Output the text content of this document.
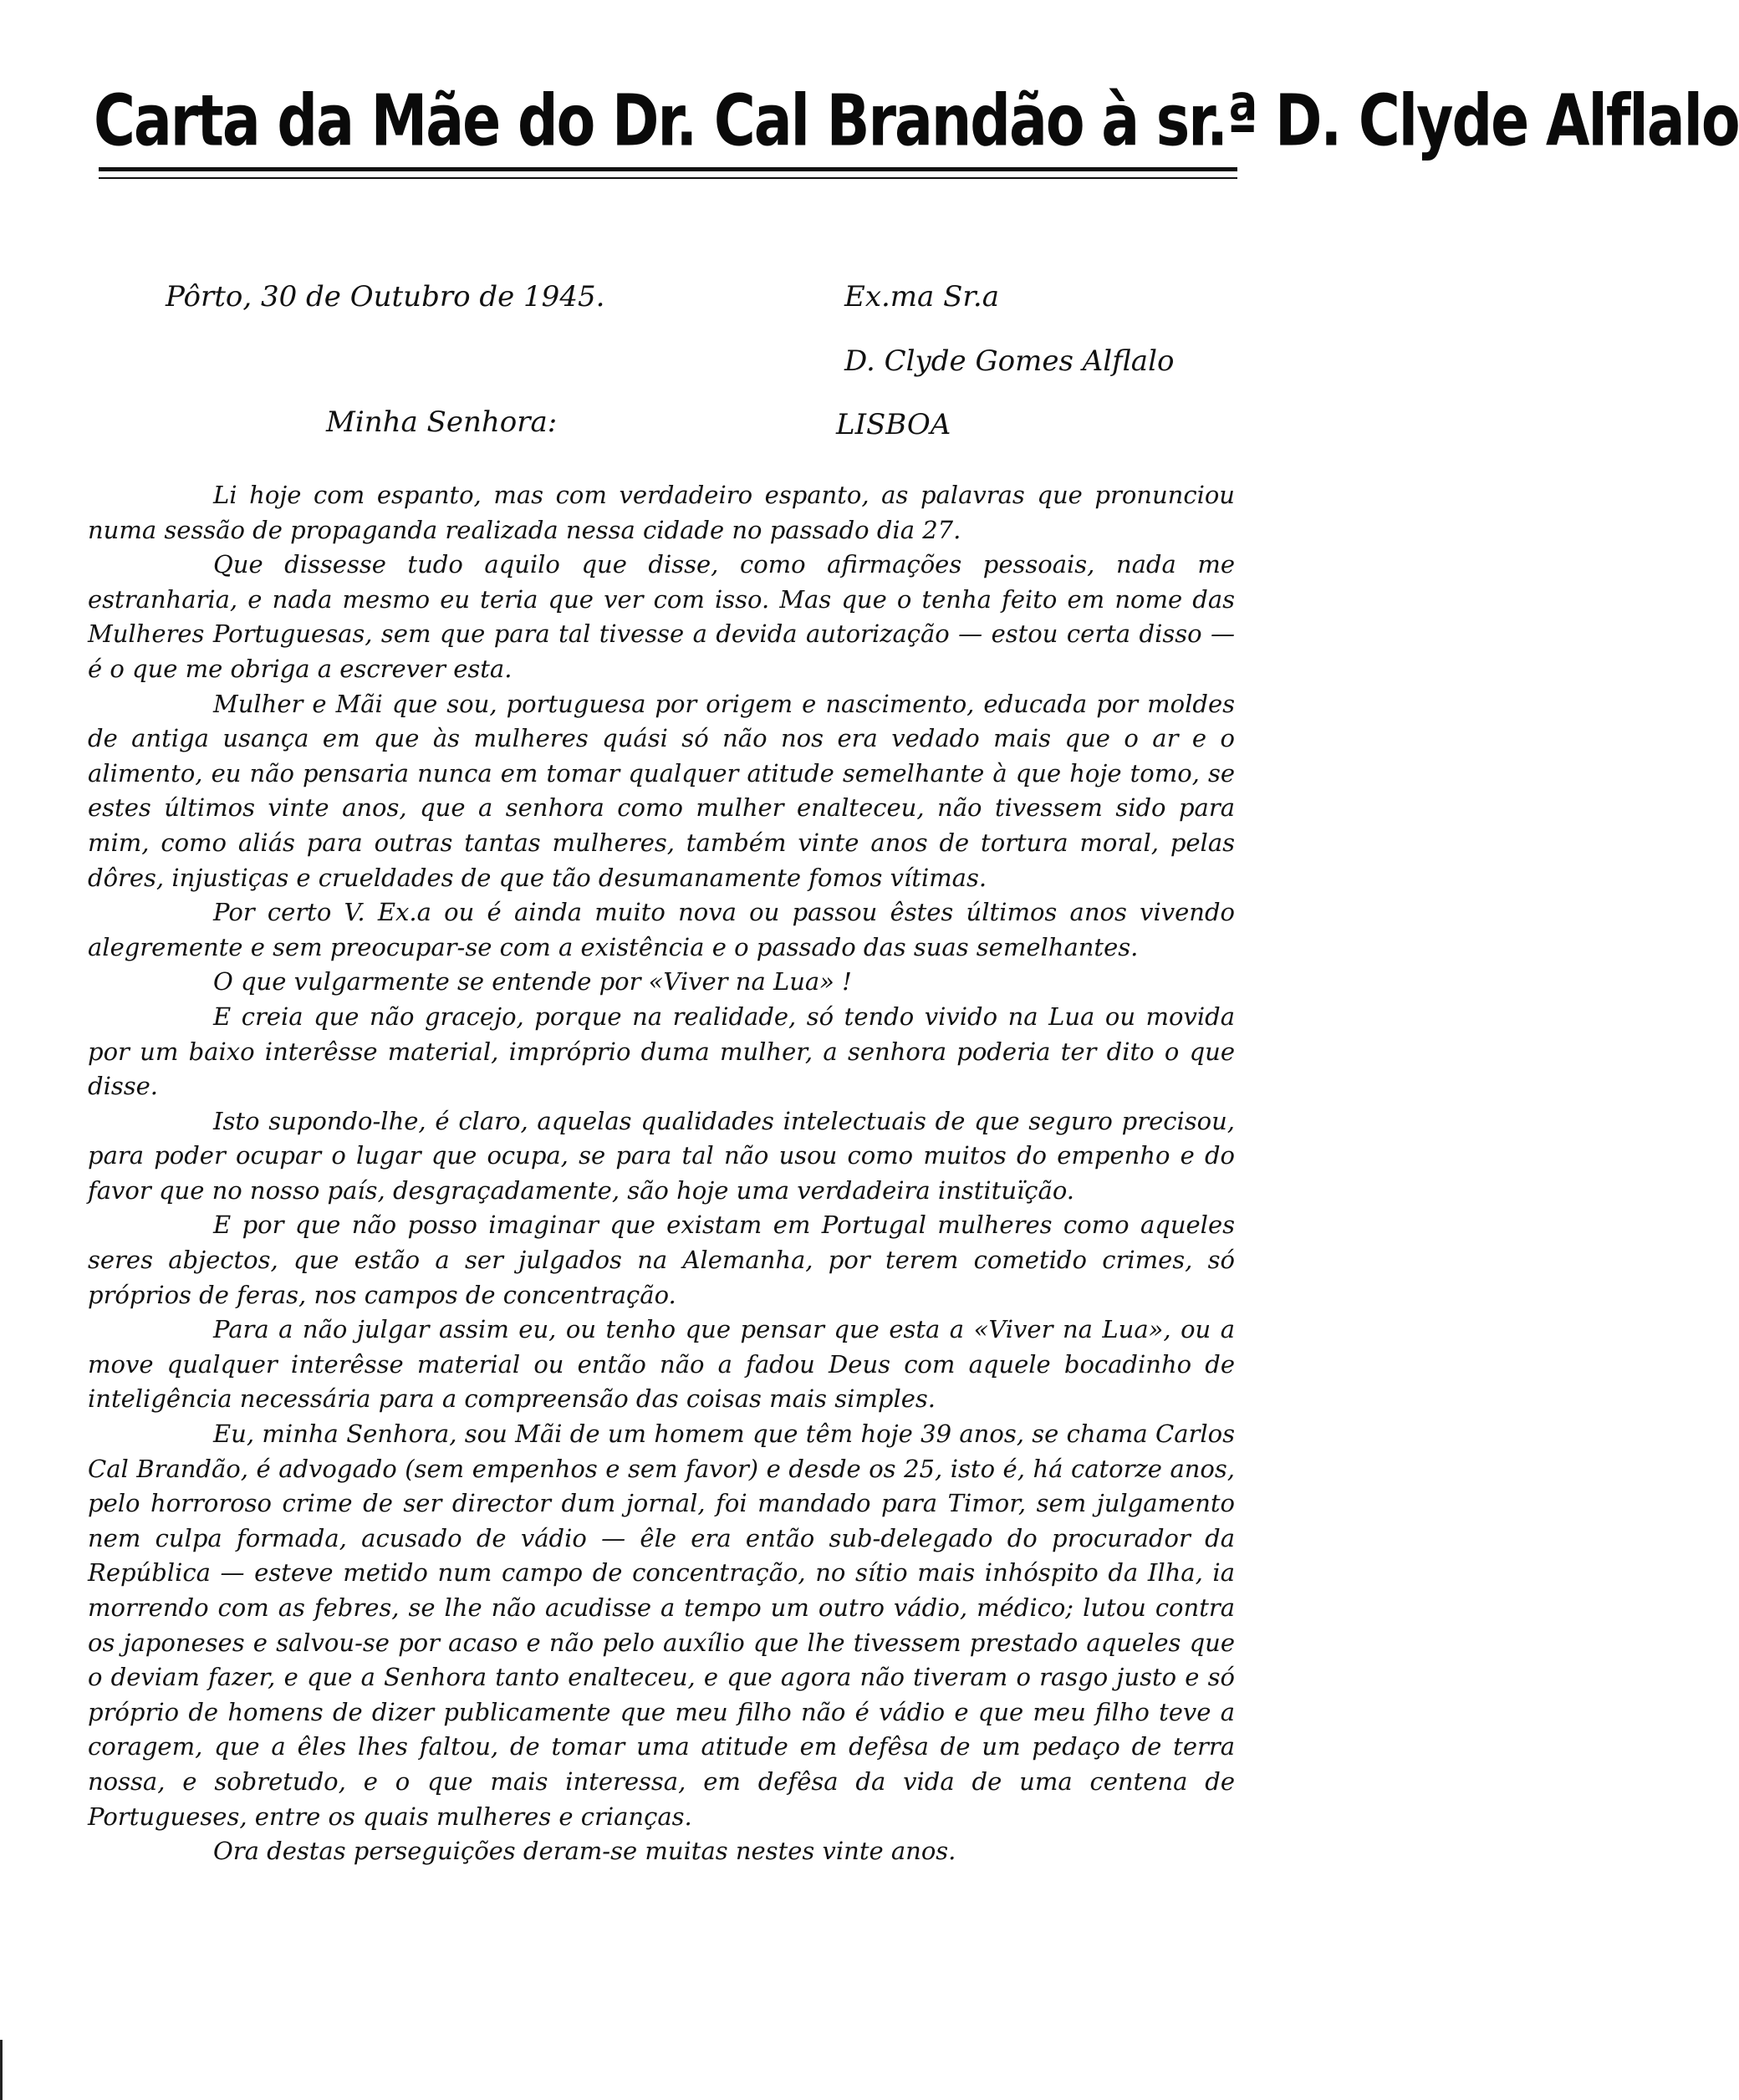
Carta da Mãe do Dr. Cal Brandão à sr.ª D. Clyde Alflalo
Pôrto, 30 de Outubro de 1945.	Ex.ma Sr.a
D. Clyde Gomes Alflalo
LISBOA
Minha Senhora:

Li hoje com espanto, mas com verdadeiro espanto, as palavras que pronunciou numa sessão de propaganda realizada nessa cidade no passado dia 27.

Que dissesse tudo aquilo que disse, como afirmações pessoais, nada me estranharia, e nada mesmo eu teria que ver com isso. Mas que o tenha feito em nome das Mulheres Portuguesas, sem que para tal tivesse a devida autorização — estou certa disso — é o que me obriga a escrever esta.

Mulher e Mãi que sou, portuguesa por origem e nascimento, educada por moldes de antiga usança em que às mulheres quási só não nos era vedado mais que o ar e o alimento, eu não pensaria nunca em tomar qualquer atitude semelhante à que hoje tomo, se estes últimos vinte anos, que a senhora como mulher enalteceu, não tivessem sido para mim, como aliás para outras tantas mulheres, também vinte anos de tortura moral, pelas dôres, injustiças e crueldades de que tão desumanamente fomos vítimas.

Por certo V. Ex.a ou é ainda muito nova ou passou êstes últimos anos vivendo alegremente e sem preocupar-se com a existência e o passado das suas semelhantes.

O que vulgarmente se entende por «Viver na Lua» !

E creia que não gracejo, porque na realidade, só tendo vivido na Lua ou movida por um baixo interêsse material, impróprio duma mulher, a senhora poderia ter dito o que disse.

Isto supondo-lhe, é claro, aquelas qualidades intelectuais de que seguro precisou, para poder ocupar o lugar que ocupa, se para tal não usou como muitos do empenho e do favor que no nosso país, desgraçadamente, são hoje uma verdadeira instituïção.

E por que não posso imaginar que existam em Portugal mulheres como aqueles seres abjectos, que estão a ser julgados na Alemanha, por terem cometido crimes, só próprios de feras, nos campos de concentração.

Para a não julgar assim eu, ou tenho que pensar que esta a «Viver na Lua», ou a move qualquer interêsse material ou então não a fadou Deus com aquele bocadinho de inteligência necessária para a compreensão das coisas mais simples.

Eu, minha Senhora, sou Mãi de um homem que têm hoje 39 anos, se chama Carlos Cal Brandão, é advogado (sem empenhos e sem favor) e desde os 25, isto é, há catorze anos, pelo horroroso crime de ser director dum jornal, foi mandado para Timor, sem julgamento nem culpa formada, acusado de vádio — êle era então sub-delegado do procurador da República — esteve metido num campo de concentração, no sítio mais inhóspito da Ilha, ia morrendo com as febres, se lhe não acudisse a tempo um outro vádio, médico; lutou contra os japoneses e salvou-se por acaso e não pelo auxílio que lhe tivessem prestado aqueles que o deviam fazer, e que a Senhora tanto enalteceu, e que agora não tiveram o rasgo justo e só próprio de homens de dizer publicamente que meu filho não é vádio e que meu filho teve a coragem, que a êles lhes faltou, de tomar uma atitude em defêsa de um pedaço de terra nossa, e sobretudo, e o que mais interessa, em defêsa da vida de uma centena de Portugueses, entre os quais mulheres e crianças.

Ora destas perseguições deram-se muitas nestes vinte anos.
